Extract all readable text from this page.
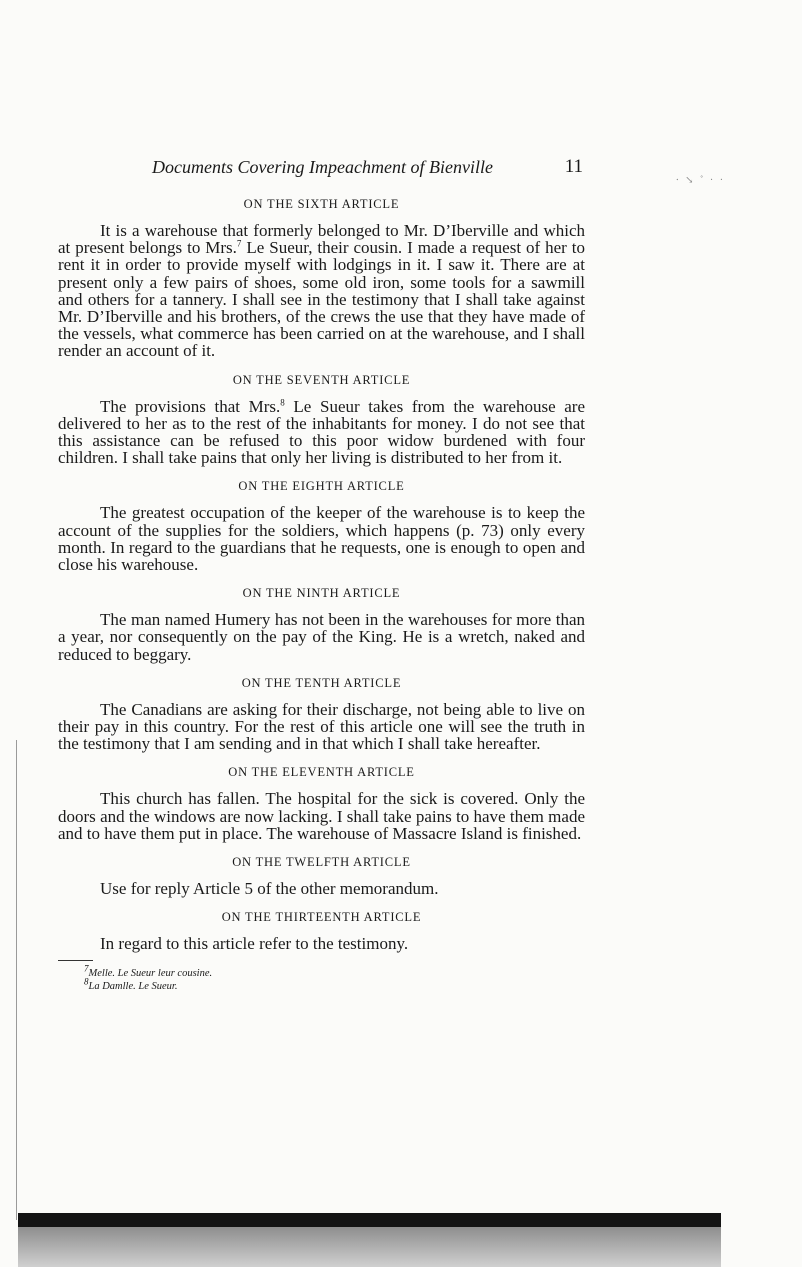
Documents Covering Impeachment of Bienville	11
⸱ ↘ ˚ · ·
ON THE SIXTH ARTICLE

It is a warehouse that formerly belonged to Mr. D’Iberville and which at present belongs to Mrs.$^7$ Le Sueur, their cousin. I made a request of her to rent it in order to provide myself with lodgings in it. I saw it. There are at present only a few pairs of shoes, some old iron, some tools for a sawmill and others for a tannery. I shall see in the testimony that I shall take against Mr. D’Iberville and his brothers, of the crews the use that they have made of the vessels, what commerce has been carried on at the warehouse, and I shall render an account of it.

ON THE SEVENTH ARTICLE

The provisions that Mrs.$^8$ Le Sueur takes from the warehouse are delivered to her as to the rest of the inhabitants for money. I do not see that this assistance can be refused to this poor widow burdened with four children. I shall take pains that only her living is distributed to her from it.

ON THE EIGHTH ARTICLE

The greatest occupation of the keeper of the warehouse is to keep the account of the supplies for the soldiers, which happens (p. 73) only every month. In regard to the guardians that he requests, one is enough to open and close his warehouse.

ON THE NINTH ARTICLE

The man named Humery has not been in the warehouses for more than a year, nor consequently on the pay of the King. He is a wretch, naked and reduced to beggary.

ON THE TENTH ARTICLE

The Canadians are asking for their discharge, not being able to live on their pay in this country. For the rest of this article one will see the truth in the testimony that I am sending and in that which I shall take hereafter.

ON THE ELEVENTH ARTICLE

This church has fallen. The hospital for the sick is covered. Only the doors and the windows are now lacking. I shall take pains to have them made and to have them put in place. The warehouse of Massacre Island is finished.

ON THE TWELFTH ARTICLE

Use for reply Article 5 of the other memorandum.

ON THE THIRTEENTH ARTICLE

In regard to this article refer to the testimony.

$^7$Melle. Le Sueur leur cousine.

$^8$La Damlle. Le Sueur.
